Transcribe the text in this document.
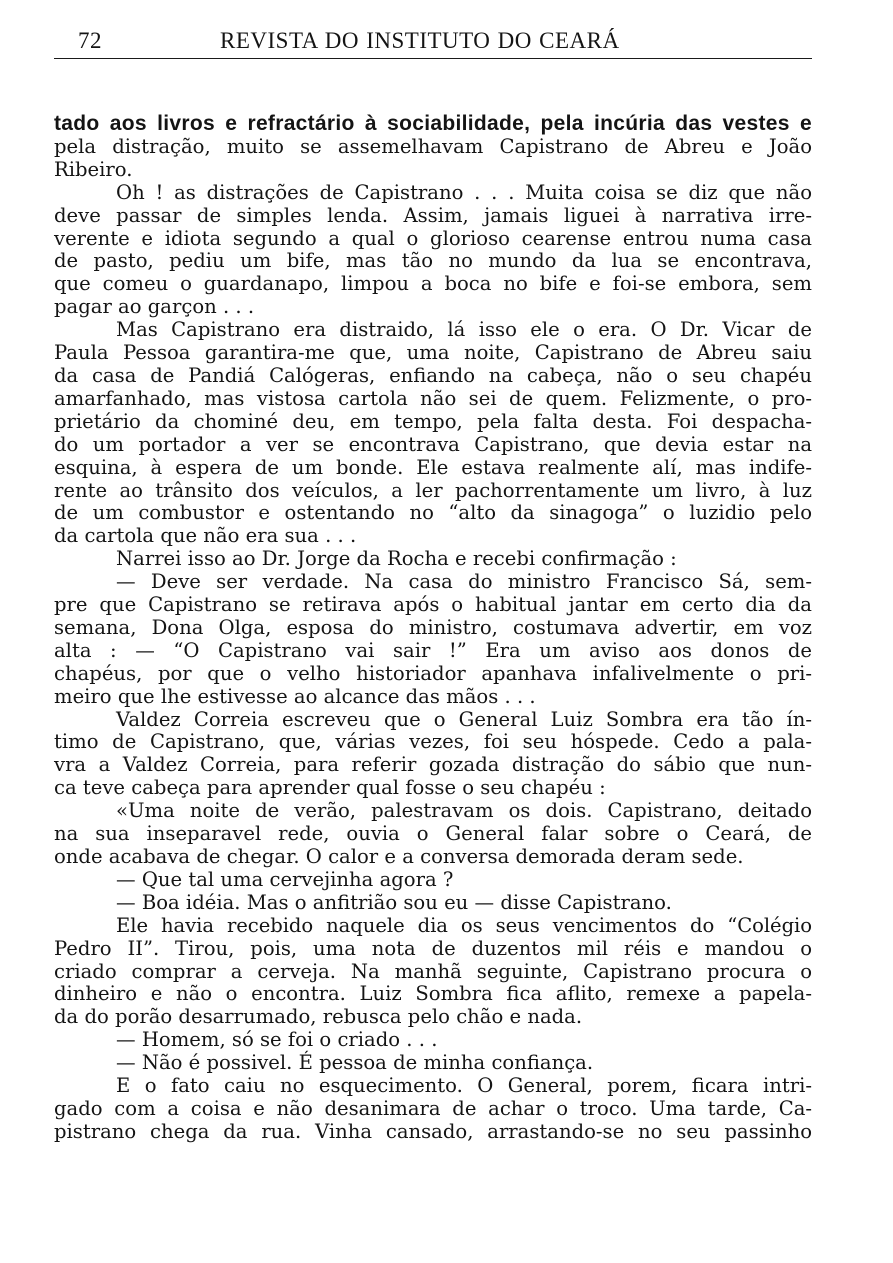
72	REVISTA DO INSTITUTO DO CEARÁ
tado aos livros e refractário à sociabilidade, pela incúria das vestes e
pela distração, muito se assemelhavam Capistrano de Abreu e João
Ribeiro.
Oh ! as distrações de Capistrano . . . Muita coisa se diz que não
deve passar de simples lenda. Assim, jamais liguei à narrativa irre-
verente e idiota segundo a qual o glorioso cearense entrou numa casa
de pasto, pediu um bife, mas tão no mundo da lua se encontrava,
que comeu o guardanapo, limpou a boca no bife e foi-se embora, sem
pagar ao garçon . . .
Mas Capistrano era distraido, lá isso ele o era. O Dr. Vicar de
Paula Pessoa garantira-me que, uma noite, Capistrano de Abreu saiu
da casa de Pandiá Calógeras, enfiando na cabeça, não o seu chapéu
amarfanhado, mas vistosa cartola não sei de quem. Felizmente, o pro-
prietário da chominé deu, em tempo, pela falta desta. Foi despacha-
do um portador a ver se encontrava Capistrano, que devia estar na
esquina, à espera de um bonde. Ele estava realmente alí, mas indife-
rente ao trânsito dos veículos, a ler pachorrentamente um livro, à luz
de um combustor e ostentando no “alto da sinagoga” o luzidio pelo
da cartola que não era sua . . .
Narrei isso ao Dr. Jorge da Rocha e recebi confirmação :
— Deve ser verdade. Na casa do ministro Francisco Sá, sem-
pre que Capistrano se retirava após o habitual jantar em certo dia da
semana, Dona Olga, esposa do ministro, costumava advertir, em voz
alta : — “O Capistrano vai sair !” Era um aviso aos donos de
chapéus, por que o velho historiador apanhava infalivelmente o pri-
meiro que lhe estivesse ao alcance das mãos . . .
Valdez Correia escreveu que o General Luiz Sombra era tão ín-
timo de Capistrano, que, várias vezes, foi seu hóspede. Cedo a pala-
vra a Valdez Correia, para referir gozada distração do sábio que nun-
ca teve cabeça para aprender qual fosse o seu chapéu :
«Uma noite de verão, palestravam os dois. Capistrano, deitado
na sua inseparavel rede, ouvia o General falar sobre o Ceará, de
onde acabava de chegar. O calor e a conversa demorada deram sede.
— Que tal uma cervejinha agora ?
— Boa idéia. Mas o anfitrião sou eu — disse Capistrano.
Ele havia recebido naquele dia os seus vencimentos do “Colégio
Pedro II”. Tirou, pois, uma nota de duzentos mil réis e mandou o
criado comprar a cerveja. Na manhã seguinte, Capistrano procura o
dinheiro e não o encontra. Luiz Sombra fica aflito, remexe a papela-
da do porão desarrumado, rebusca pelo chão e nada.
— Homem, só se foi o criado . . .
— Não é possivel. É pessoa de minha confiança.
E o fato caiu no esquecimento. O General, porem, ficara intri-
gado com a coisa e não desanimara de achar o troco. Uma tarde, Ca-
pistrano chega da rua. Vinha cansado, arrastando-se no seu passinho
